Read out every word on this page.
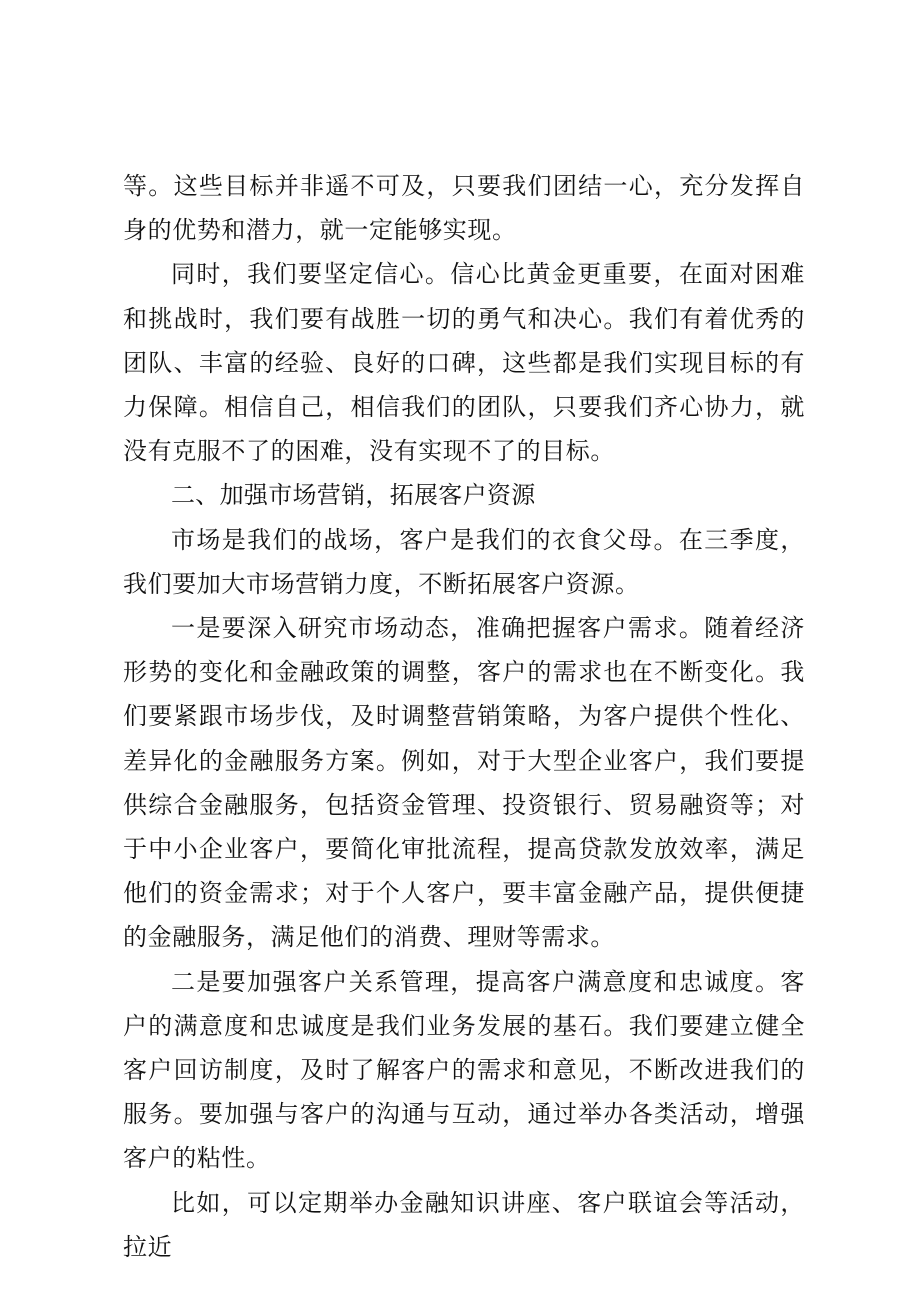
等。这些目标并非遥不可及，只要我们团结一心，充分发挥自身的优势和潜力，就一定能够实现。

同时，我们要坚定信心。信心比黄金更重要，在面对困难和挑战时，我们要有战胜一切的勇气和决心。我们有着优秀的团队、丰富的经验、良好的口碑，这些都是我们实现目标的有力保障。相信自己，相信我们的团队，只要我们齐心协力，就没有克服不了的困难，没有实现不了的目标。

二、加强市场营销，拓展客户资源

市场是我们的战场，客户是我们的衣食父母。在三季度，我们要加大市场营销力度，不断拓展客户资源。

一是要深入研究市场动态，准确把握客户需求。随着经济形势的变化和金融政策的调整，客户的需求也在不断变化。我们要紧跟市场步伐，及时调整营销策略，为客户提供个性化、差异化的金融服务方案。例如，对于大型企业客户，我们要提供综合金融服务，包括资金管理、投资银行、贸易融资等；对于中小企业客户，要简化审批流程，提高贷款发放效率，满足他们的资金需求；对于个人客户，要丰富金融产品，提供便捷的金融服务，满足他们的消费、理财等需求。

二是要加强客户关系管理，提高客户满意度和忠诚度。客户的满意度和忠诚度是我们业务发展的基石。我们要建立健全客户回访制度，及时了解客户的需求和意见，不断改进我们的服务。要加强与客户的沟通与互动，通过举办各类活动，增强客户的粘性。

比如，可以定期举办金融知识讲座、客户联谊会等活动，拉近
